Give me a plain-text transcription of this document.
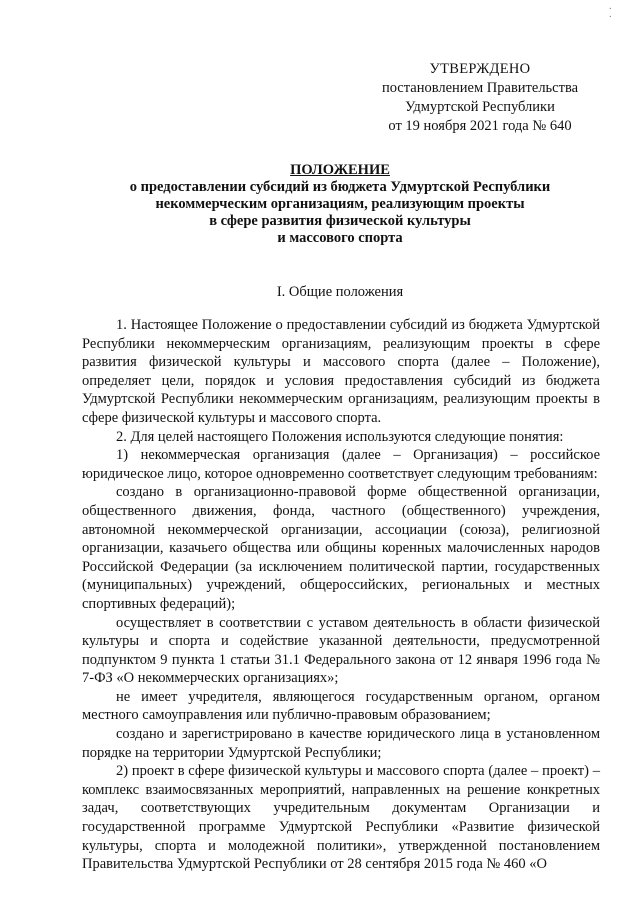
·
·
УТВЕРЖДЕНО
постановлением Правительства
Удмуртской Республики
от 19 ноября 2021 года № 640
ПОЛОЖЕНИЕ
о предоставлении субсидий из бюджета Удмуртской Республики
некоммерческим организациям, реализующим проекты
в сфере развития физической культуры
и массового спорта
I. Общие положения

1. Настоящее Положение о предоставлении субсидий из бюджета Удмуртской Республики некоммерческим организациям, реализующим проекты в сфере развития физической культуры и массового спорта (далее – Положение), определяет цели, порядок и условия предоставления субсидий из бюджета Удмуртской Республики некоммерческим организациям, реализующим проекты в сфере физической культуры и массового спорта.

2. Для целей настоящего Положения используются следующие понятия:

1) некоммерческая организация (далее – Организация) – российское юридическое лицо, которое одновременно соответствует следующим требованиям:

создано в организационно-правовой форме общественной организации, общественного движения, фонда, частного (общественного) учреждения, автономной некоммерческой организации, ассоциации (союза), религиозной организации, казачьего общества или общины коренных малочисленных народов Российской Федерации (за исключением политической партии, государственных (муниципальных) учреждений, общероссийских, региональных и местных спортивных федераций);

осуществляет в соответствии с уставом деятельность в области физической культуры и спорта и содействие указанной деятельности, предусмотренной подпунктом 9 пункта 1 статьи 31.1 Федерального закона от 12 января 1996 года № 7-ФЗ «О некоммерческих организациях»;

не имеет учредителя, являющегося государственным органом, органом местного самоуправления или публично-правовым образованием;

создано и зарегистрировано в качестве юридического лица в установленном порядке на территории Удмуртской Республики;

2) проект в сфере физической культуры и массового спорта (далее – проект) – комплекс взаимосвязанных мероприятий, направленных на решение конкретных задач, соответствующих учредительным документам Организации и государственной программе Удмуртской Республики «Развитие физической культуры, спорта и молодежной политики», утвержденной постановлением Правительства Удмуртской Республики от 28 сентября 2015 года № 460 «О
